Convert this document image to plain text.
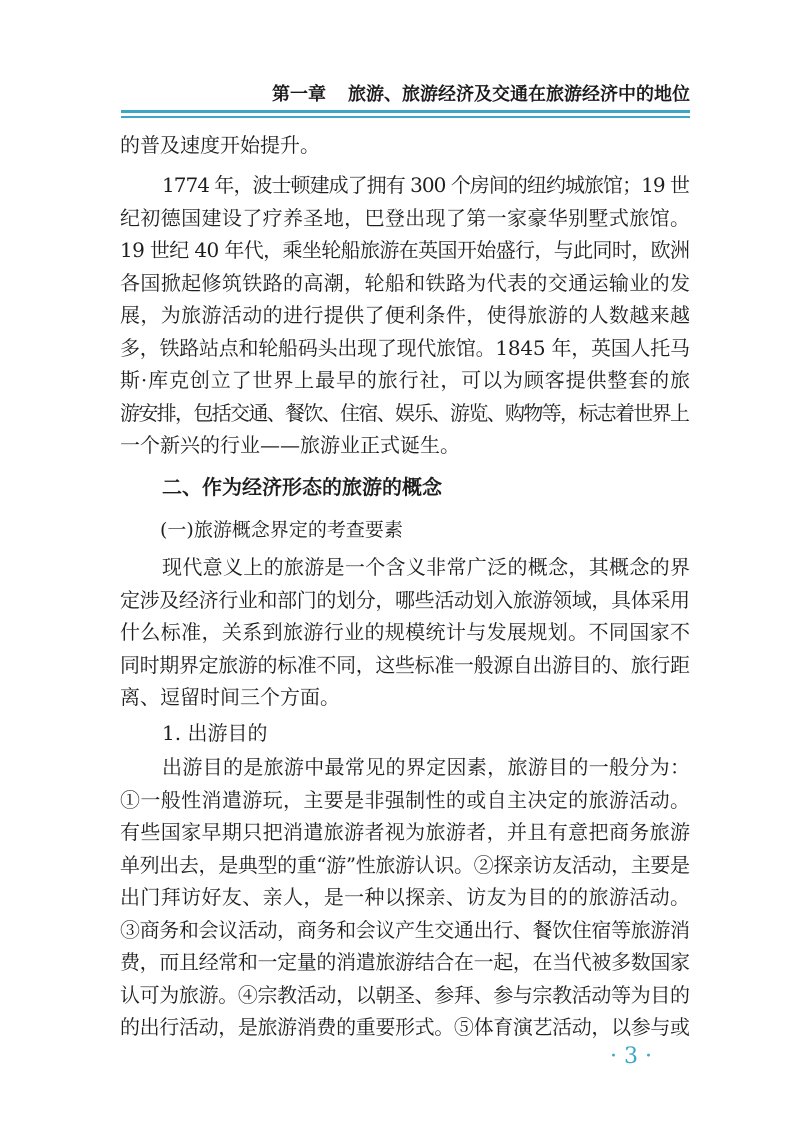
第一章 旅游、旅游经济及交通在旅游经济中的地位
的普及速度开始提升。
1774 年，波士顿建成了拥有 300 个房间的纽约城旅馆；19 世
纪初德国建设了疗养圣地，巴登出现了第一家豪华别墅式旅馆。
19 世纪 40 年代，乘坐轮船旅游在英国开始盛行，与此同时，欧洲
各国掀起修筑铁路的高潮，轮船和铁路为代表的交通运输业的发
展，为旅游活动的进行提供了便利条件，使得旅游的人数越来越
多，铁路站点和轮船码头出现了现代旅馆。1845 年，英国人托马
斯·库克创立了世界上最早的旅行社，可以为顾客提供整套的旅
游安排，包括交通、餐饮、住宿、娱乐、游览、购物等，标志着世界上
一个新兴的行业——旅游业正式诞生。
二、作为经济形态的旅游的概念
(一)旅游概念界定的考查要素
现代意义上的旅游是一个含义非常广泛的概念，其概念的界
定涉及经济行业和部门的划分，哪些活动划入旅游领域，具体采用
什么标准，关系到旅游行业的规模统计与发展规划。不同国家不
同时期界定旅游的标准不同，这些标准一般源自出游目的、旅行距
离、逗留时间三个方面。
1. 出游目的
出游目的是旅游中最常见的界定因素，旅游目的一般分为：
①一般性消遣游玩，主要是非强制性的或自主决定的旅游活动。
有些国家早期只把消遣旅游者视为旅游者，并且有意把商务旅游
单列出去，是典型的重“游”性旅游认识。②探亲访友活动，主要是
出门拜访好友、亲人，是一种以探亲、访友为目的的旅游活动。
③商务和会议活动，商务和会议产生交通出行、餐饮住宿等旅游消
费，而且经常和一定量的消遣旅游结合在一起，在当代被多数国家
认可为旅游。④宗教活动，以朝圣、参拜、参与宗教活动等为目的
的出行活动，是旅游消费的重要形式。⑤体育演艺活动，以参与或
· 3 ·
